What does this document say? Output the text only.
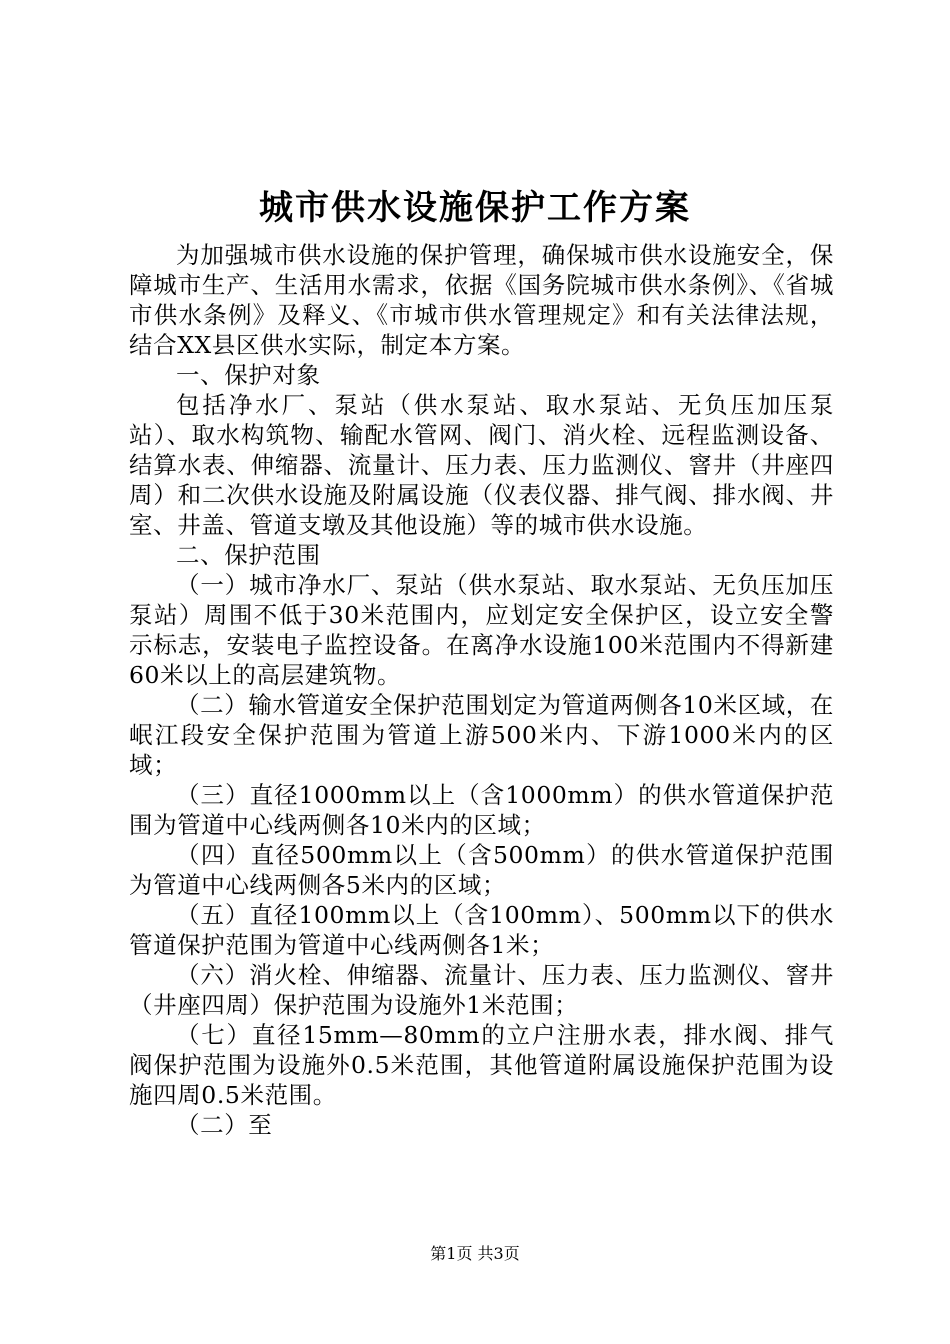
城市供水设施保护工作方案

为加强城市供水设施的保护管理，确保城市供水设施安全，保障城市生产、生活用水需求，依据《国务院城市供水条例》、《省城市供水条例》及释义、《市城市供水管理规定》和有关法律法规，结合XX县区供水实际，制定本方案。

一、保护对象

包括净水厂、泵站（供水泵站、取水泵站、无负压加压泵站）、取水构筑物、输配水管网、阀门、消火栓、远程监测设备、结算水表、伸缩器、流量计、压力表、压力监测仪、窨井（井座四周）和二次供水设施及附属设施（仪表仪器、排气阀、排水阀、井室、井盖、管道支墩及其他设施）等的城市供水设施。

二、保护范围

（一）城市净水厂、泵站（供水泵站、取水泵站、无负压加压泵站）周围不低于30米范围内，应划定安全保护区，设立安全警示标志，安装电子监控设备。在离净水设施100米范围内不得新建60米以上的高层建筑物。

（二）输水管道安全保护范围划定为管道两侧各10米区域，在岷江段安全保护范围为管道上游500米内、下游1000米内的区域；

（三）直径1000mm以上（含1000mm）的供水管道保护范围为管道中心线两侧各10米内的区域；

（四）直径500mm以上（含500mm）的供水管道保护范围为管道中心线两侧各5米内的区域；

（五）直径100mm以上（含100mm）、500mm以下的供水管道保护范围为管道中心线两侧各1米；

（六）消火栓、伸缩器、流量计、压力表、压力监测仪、窨井（井座四周）保护范围为设施外1米范围；

（七）直径15mm—80mm的立户注册水表，排水阀、排气阀保护范围为设施外0.5米范围，其他管道附属设施保护范围为设施四周0.5米范围。

（二）至

第1页 共3页
